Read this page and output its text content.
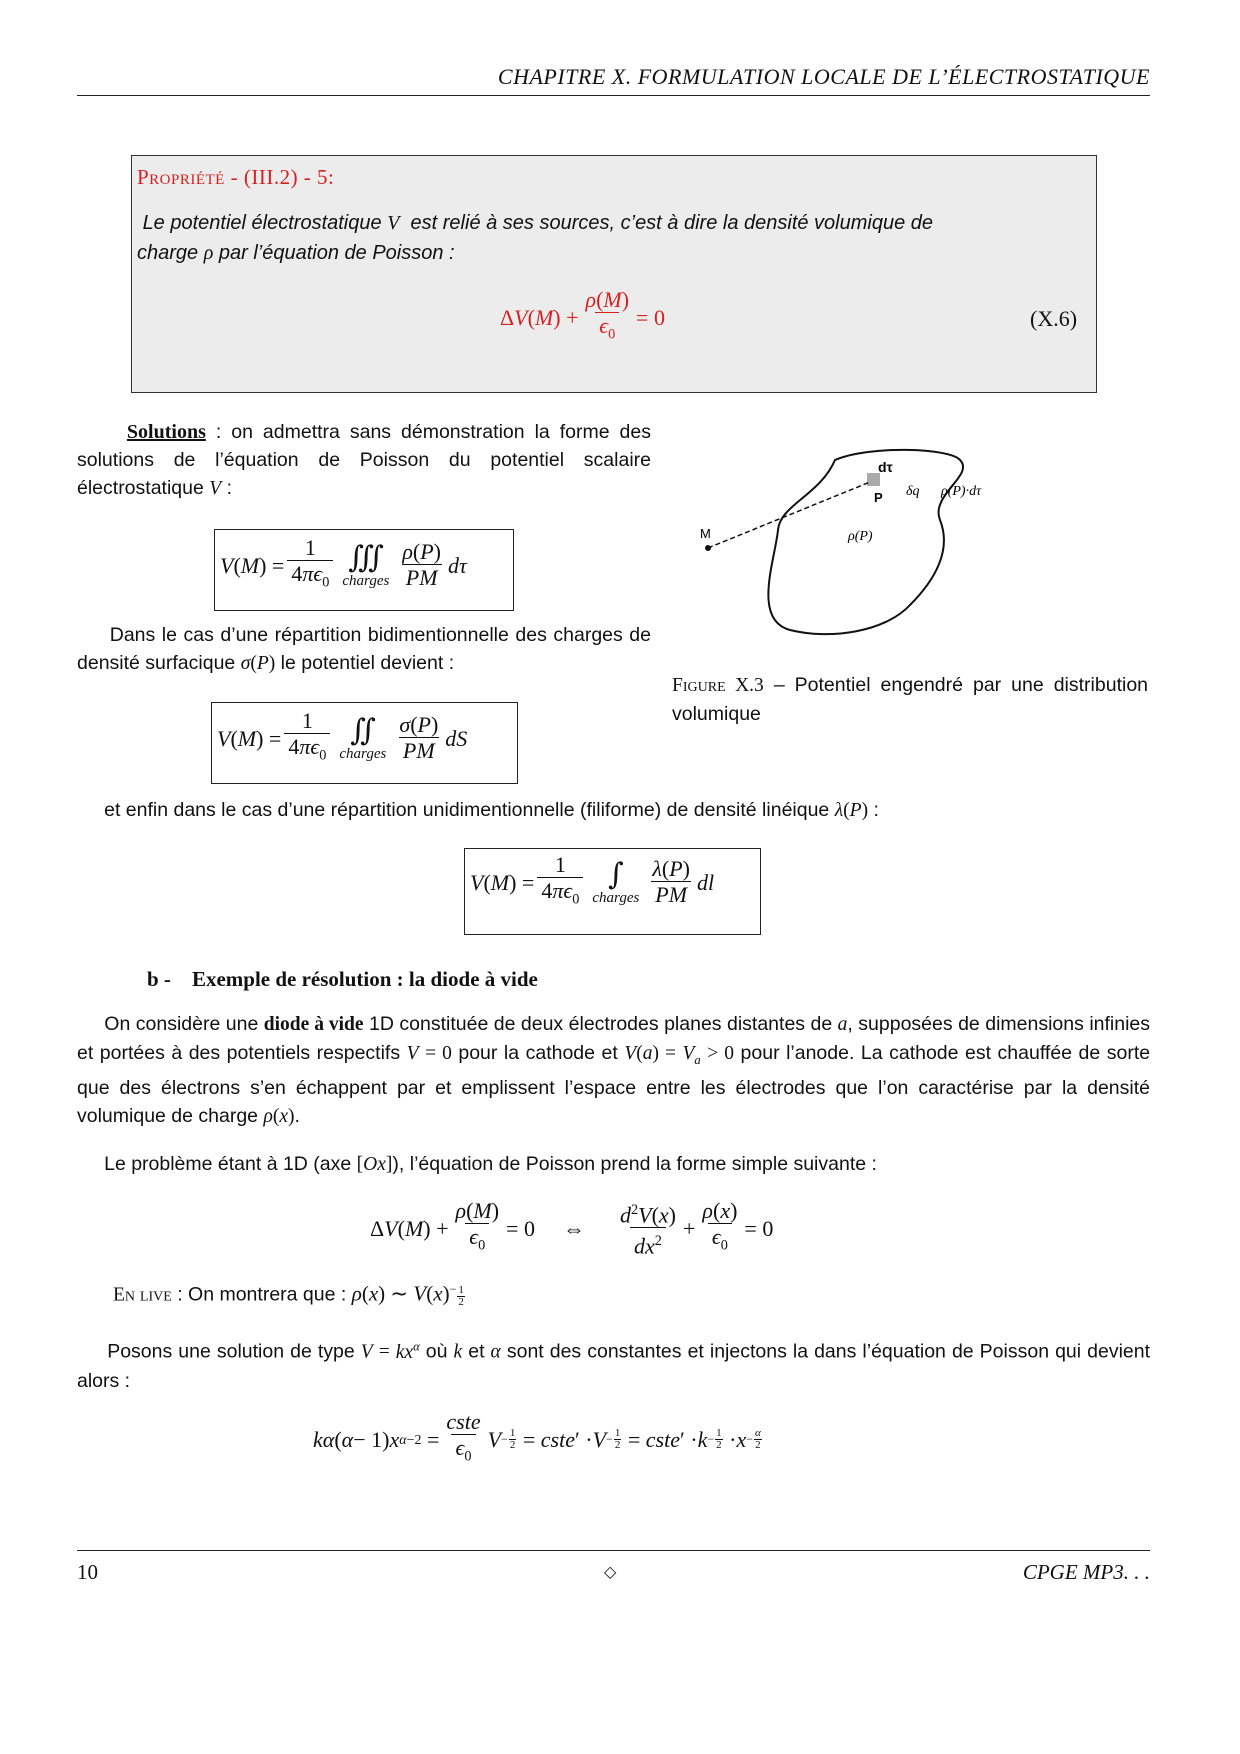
CHAPITRE X. FORMULATION LOCALE DE L’ÉLECTROSTATIQUE
Propriété - (III.2) - 5:
Le potentiel électrostatique V est relié à ses sources, c’est à dire la densité volumique de
charge ρ par l’équation de Poisson :
Δ V ( M ) + $\frac{\rho(M)}{\epsilon_0} = 0$	(X.6)
Solutions : on admettra sans démonstration la forme des solutions de l’équation de Poisson du potentiel scalaire électrostatique V :
V ( M ) = $\frac{1}{4\pi\epsilon_0}$ ∭
charges $\frac{\rho(P)}{PM}$ dτ
Dans le cas d’une répartition bidimentionnelle des charges de densité surfacique σ(P) le potentiel devient :
V ( M ) = $\frac{1}{4\pi\epsilon_0}$ ∬
charges $\frac{\sigma(P)}{PM}$ dS
M
dτ
P δq ρ(P)·dτ
ρ(P)
Figure X.3 – Potentiel engendré par une distribution volumique
et enfin dans le cas d’une répartition unidimentionnelle (filiforme) de densité linéique λ(P) :
V ( M ) = $\frac{1}{4\pi\epsilon_0}$ ∫
charges $\frac{\lambda(P)}{PM}$ dl
b - Exemple de résolution : la diode à vide
On considère une diode à vide 1D constituée de deux électrodes planes distantes de a, supposées de dimensions infinies et portées à des potentiels respectifs V = 0 pour la cathode et $V(a) = V_a > 0$ pour l’anode. La cathode est chauffée de sorte que des électrons s’en échappent par et emplissent l’espace entre les électrodes que l’on caractérise par la densité volumique de charge ρ(x).
Le problème étant à 1D (axe [Ox]), l’équation de Poisson prend la forme simple suivante :
Δ V ( M ) + $\frac{\rho(M)}{\epsilon_0} = 0$ ⇔ $\frac{d^2V(x)}{dx^2} + \frac{\rho(x)}{\epsilon_0} = 0$
En live : On montrera que : ρ(x) ∼ $V(x)^- \frac{1}{2}$
Posons une solution de type $V = kx^\alpha$ où k et α sont des constantes et injectons la dans l’équation de Poisson qui devient alors :
kα ( α − 1) x $\alpha-2 = \frac{\text{cste}}{\epsilon_0}$ $V - \frac{1}{2}$ = cste ′ · $V - \frac{1}{2}$ = cste ′ · $k - \frac{1}{2} \cdot x - \frac{\alpha}{2}$
10	◇	CPGE MP3. . .
